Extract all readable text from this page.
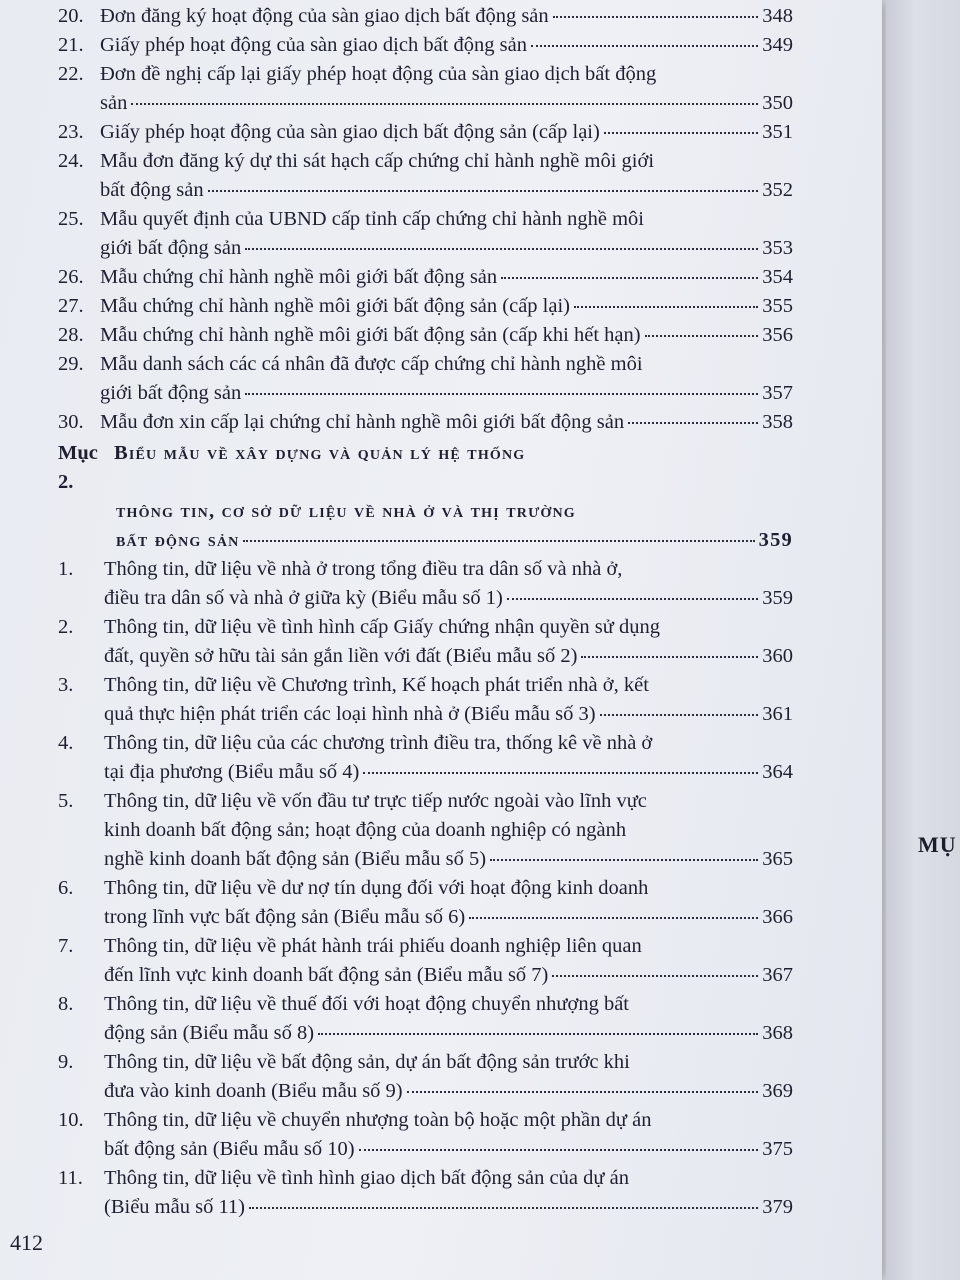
20. Đơn đăng ký hoạt động của sàn giao dịch bất động sản	348
21. Giấy phép hoạt động của sàn giao dịch bất động sản	349
22. Đơn đề nghị cấp lại giấy phép hoạt động của sàn giao dịch bất động
sản	350
23. Giấy phép hoạt động của sàn giao dịch bất động sản (cấp lại)	351
24. Mẫu đơn đăng ký dự thi sát hạch cấp chứng chỉ hành nghề môi giới
bất động sản	352
25. Mẫu quyết định của UBND cấp tỉnh cấp chứng chỉ hành nghề môi
giới bất động sản	353
26. Mẫu chứng chỉ hành nghề môi giới bất động sản	354
27. Mẫu chứng chỉ hành nghề môi giới bất động sản (cấp lại)	355
28. Mẫu chứng chỉ hành nghề môi giới bất động sản (cấp khi hết hạn)	356
29. Mẫu danh sách các cá nhân đã được cấp chứng chỉ hành nghề môi
giới bất động sản	357
30. Mẫu đơn xin cấp lại chứng chỉ hành nghề môi giới bất động sản	358
Mục 2.
Biểu mẫu về xây dựng và quản lý hệ thống
thông tin, cơ sở dữ liệu về nhà ở và thị trường
bất động sản	359
1.	Thông tin, dữ liệu về nhà ở trong tổng điều tra dân số và nhà ở,
điều tra dân số và nhà ở giữa kỳ (Biểu mẫu số 1)	359
2.	Thông tin, dữ liệu về tình hình cấp Giấy chứng nhận quyền sử dụng
đất, quyền sở hữu tài sản gắn liền với đất (Biểu mẫu số 2)	360
3.	Thông tin, dữ liệu về Chương trình, Kế hoạch phát triển nhà ở, kết
quả thực hiện phát triển các loại hình nhà ở (Biểu mẫu số 3)	361
4.	Thông tin, dữ liệu của các chương trình điều tra, thống kê về nhà ở
tại địa phương (Biểu mẫu số 4)	364
5.	Thông tin, dữ liệu về vốn đầu tư trực tiếp nước ngoài vào lĩnh vực
kinh doanh bất động sản; hoạt động của doanh nghiệp có ngành
nghề kinh doanh bất động sản (Biểu mẫu số 5)	365
6.	Thông tin, dữ liệu về dư nợ tín dụng đối với hoạt động kinh doanh
trong lĩnh vực bất động sản (Biểu mẫu số 6)	366
7.	Thông tin, dữ liệu về phát hành trái phiếu doanh nghiệp liên quan
đến lĩnh vực kinh doanh bất động sản (Biểu mẫu số 7)	367
8.	Thông tin, dữ liệu về thuế đối với hoạt động chuyển nhượng bất
động sản (Biểu mẫu số 8)	368
9.	Thông tin, dữ liệu về bất động sản, dự án bất động sản trước khi
đưa vào kinh doanh (Biểu mẫu số 9)	369
10. Thông tin, dữ liệu về chuyển nhượng toàn bộ hoặc một phần dự án
bất động sản (Biểu mẫu số 10)	375
11.	Thông tin, dữ liệu về tình hình giao dịch bất động sản của dự án
(Biểu mẫu số 11)	379
412
MỤ
